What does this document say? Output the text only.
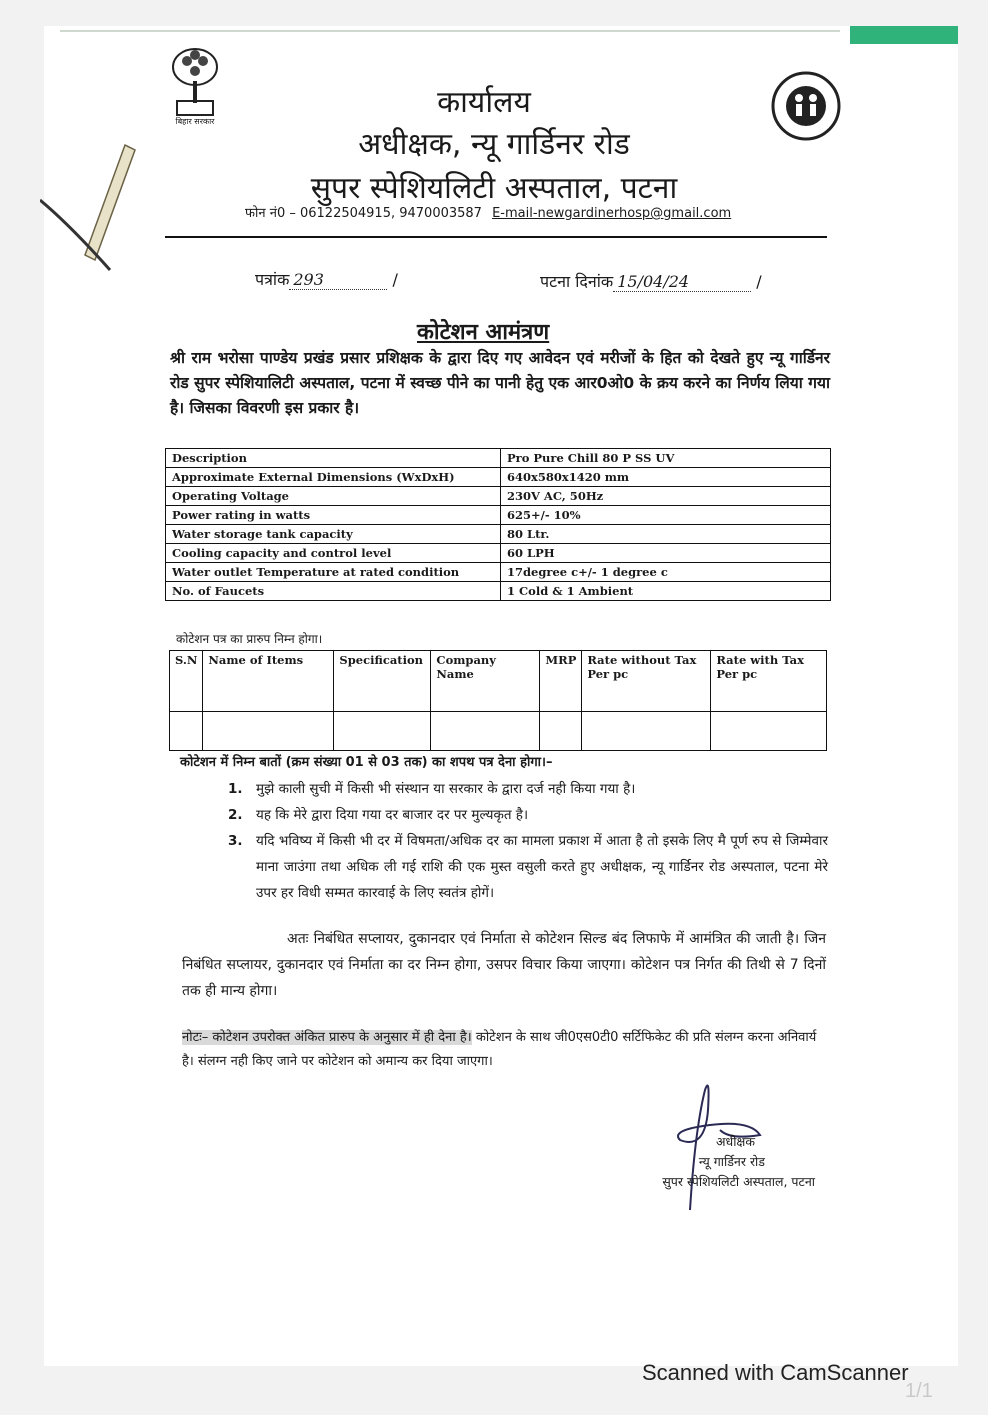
बिहार सरकार
कार्यालय
अधीक्षक, न्यू गार्डिनर रोड
सुपर स्पेशियलिटी अस्पताल, पटना
फोन नं0 – 06122504915, 9470003587 E-mail-newgardinerhosp@gmail.com
पत्रांक 293	/	पटना दिनांक 15/04/24	/
कोटेशन आमंत्रण
श्री राम भरोसा पाण्डेय प्रखंड प्रसार प्रशिक्षक के द्वारा दिए गए आवेदन एवं मरीजों के हित को देखते हुए न्यू गार्डिनर रोड सुपर स्पेशियालिटी अस्पताल, पटना में स्वच्छ पीने का पानी हेतु एक आर0ओ0 के क्रय करने का निर्णय लिया गया है। जिसका विवरणी इस प्रकार है।
Description	Pro Pure Chill 80 P SS UV
Approximate External Dimensions (WxDxH)	640x580x1420 mm
Operating Voltage	230V AC, 50Hz
Power rating in watts	625+/- 10%
Water storage tank capacity	80 Ltr.
Cooling capacity and control level	60 LPH
Water outlet Temperature at rated condition	17degree c+/- 1 degree c
No. of Faucets	1 Cold & 1 Ambient
कोटेशन पत्र का प्रारुप निम्न होगा।
S.N	Name of Items	Specification	Company Name	MRP	Rate without Tax Per pc	Rate with Tax Per pc

कोटेशन में निम्न बातों (क्रम संख्या 01 से 03 तक) का शपथ पत्र देना होगा।–
1. मुझे काली सुची में किसी भी संस्थान या सरकार के द्वारा दर्ज नही किया गया है।
2. यह कि मेरे द्वारा दिया गया दर बाजार दर पर मुल्यकृत है।
3. यदि भविष्य में किसी भी दर में विषमता/अधिक दर का मामला प्रकाश में आता है तो इसके लिए मै पूर्ण रुप से जिम्मेवार माना जाउंगा तथा अधिक ली गई राशि की एक मुस्त वसुली करते हुए अधीक्षक, न्यू गार्डिनर रोड अस्पताल, पटना मेरे उपर हर विधी सम्मत कारवाई के लिए स्वतंत्र होगें।
अतः निबंधित सप्लायर, दुकानदार एवं निर्माता से कोटेशन सिल्ड बंद लिफाफे में आमंत्रित की जाती है। जिन निबंधित सप्लायर, दुकानदार एवं निर्माता का दर निम्न होगा, उसपर विचार किया जाएगा। कोटेशन पत्र निर्गत की तिथी से 7 दिनों तक ही मान्य होगा।
नोटः– कोटेशन उपरोक्त अंकित प्रारुप के अनुसार में ही देना है। कोटेशन के साथ जी0एस0टी0 सर्टिफिकेट की प्रति संलग्न करना अनिवार्य है। संलग्न नही किए जाने पर कोटेशन को अमान्य कर दिया जाएगा।
अधीक्षक
न्यू गार्डिनर रोड
सुपर स्पेशियलिटी अस्पताल, पटना
Scanned with CamScanner
1/1
